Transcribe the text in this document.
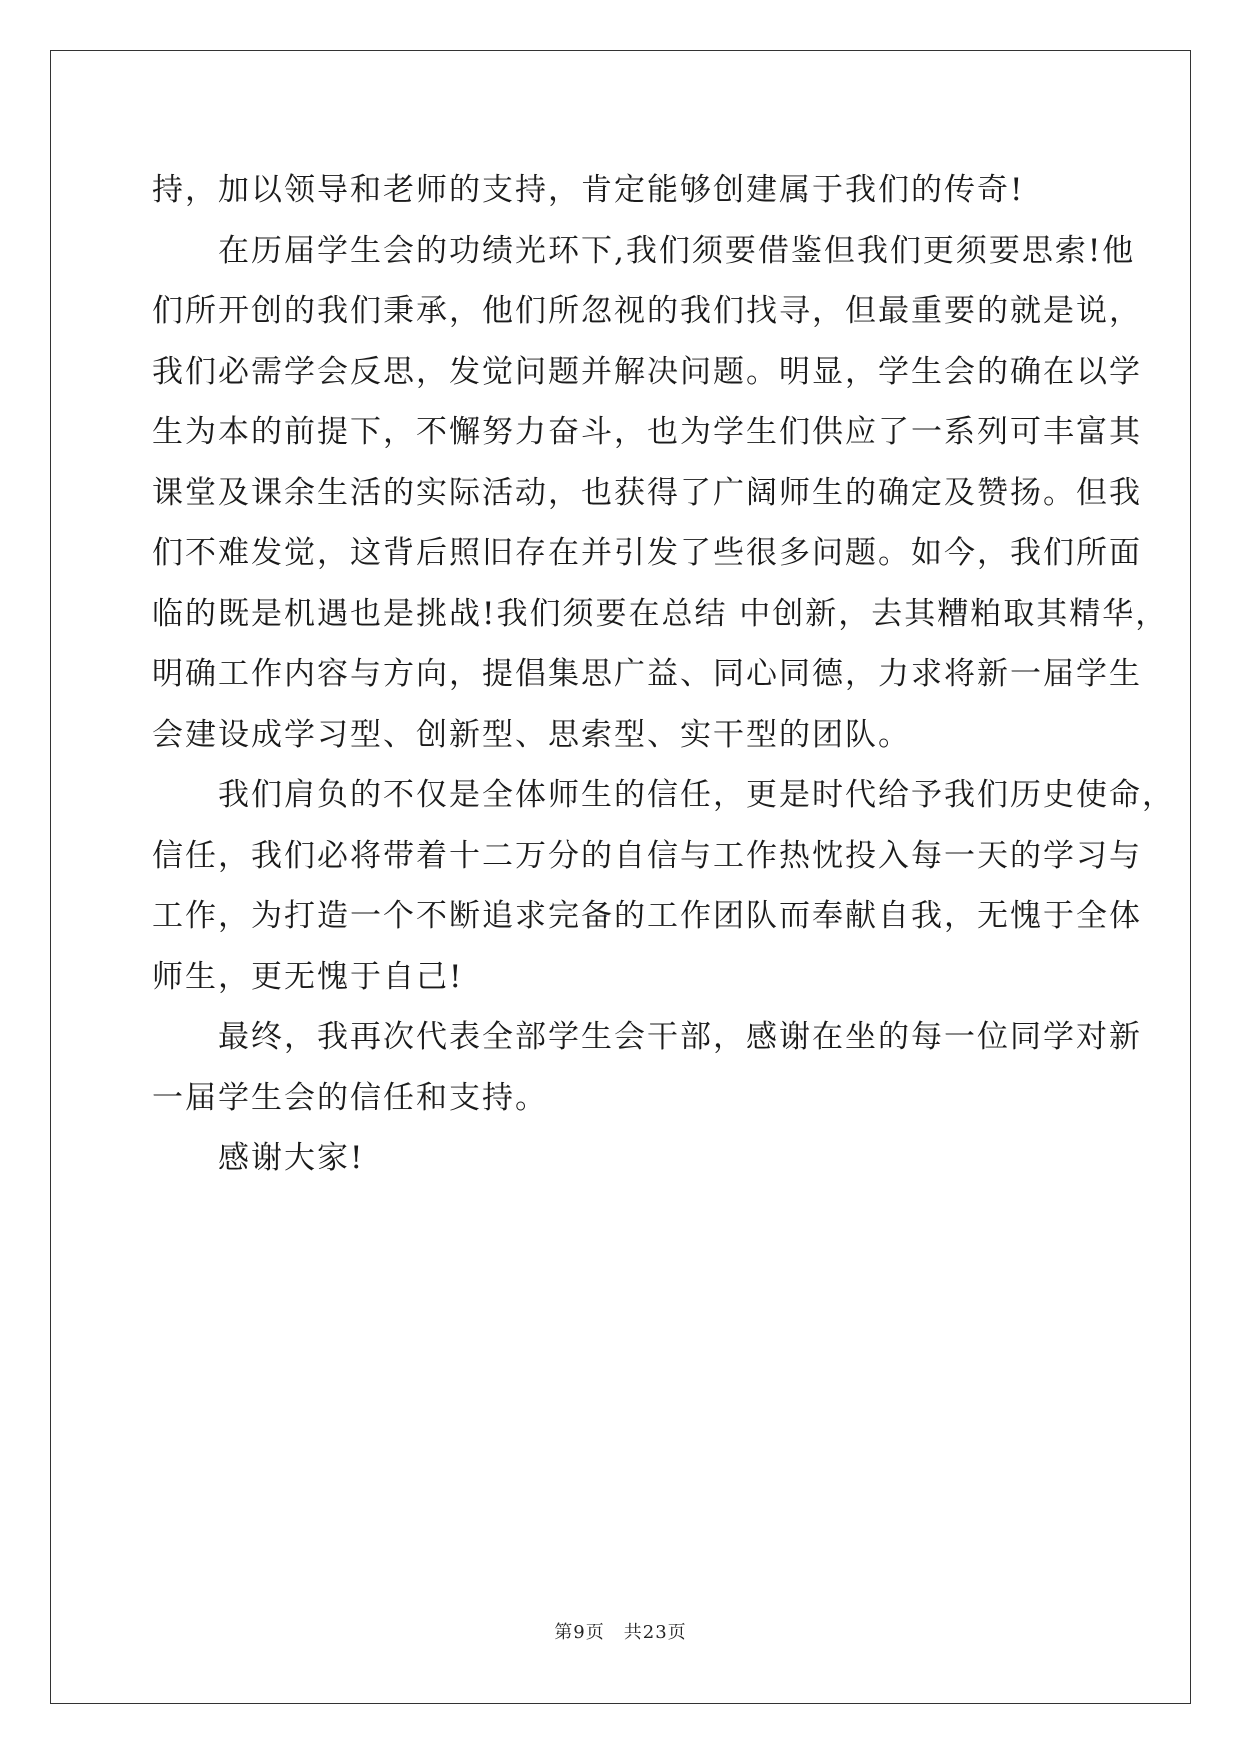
持，加以领导和老师的支持，肯定能够创建属于我们的传奇!
在历届学生会的功绩光环下,我们须要借鉴但我们更须要思索!他
们所开创的我们秉承，他们所忽视的我们找寻，但最重要的就是说，
我们必需学会反思，发觉问题并解决问题。明显，学生会的确在以学
生为本的前提下，不懈努力奋斗，也为学生们供应了一系列可丰富其
课堂及课余生活的实际活动，也获得了广阔师生的确定及赞扬。但我
们不难发觉，这背后照旧存在并引发了些很多问题。如今，我们所面
临的既是机遇也是挑战!我们须要在总结 中创新，去其糟粕取其精华，
明确工作内容与方向，提倡集思广益、同心同德，力求将新一届学生
会建设成学习型、创新型、思索型、实干型的团队。
我们肩负的不仅是全体师生的信任，更是时代给予我们历史使命，
信任，我们必将带着十二万分的自信与工作热忱投入每一天的学习与
工作，为打造一个不断追求完备的工作团队而奉献自我，无愧于全体
师生，更无愧于自己!
最终，我再次代表全部学生会干部，感谢在坐的每一位同学对新
一届学生会的信任和支持。
感谢大家!
第9页　共23页
